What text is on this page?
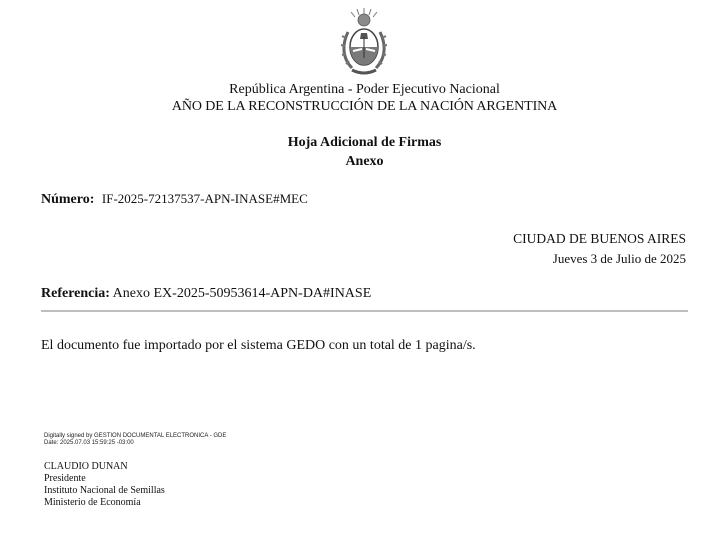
República Argentina - Poder Ejecutivo Nacional
AÑO DE LA RECONSTRUCCIÓN DE LA NACIÓN ARGENTINA
Hoja Adicional de Firmas
Anexo
Número: IF-2025-72137537-APN-INASE#MEC
CIUDAD DE BUENOS AIRES
Jueves 3 de Julio de 2025
Referencia: Anexo EX-2025-50953614-APN-DA#INASE
El documento fue importado por el sistema GEDO con un total de 1 pagina/s.
Digitally signed by GESTION DOCUMENTAL ELECTRONICA - GDE
Date: 2025.07.03 15:59:25 -03:00
CLAUDIO DUNAN
Presidente
Instituto Nacional de Semillas
Ministerio de Economía
